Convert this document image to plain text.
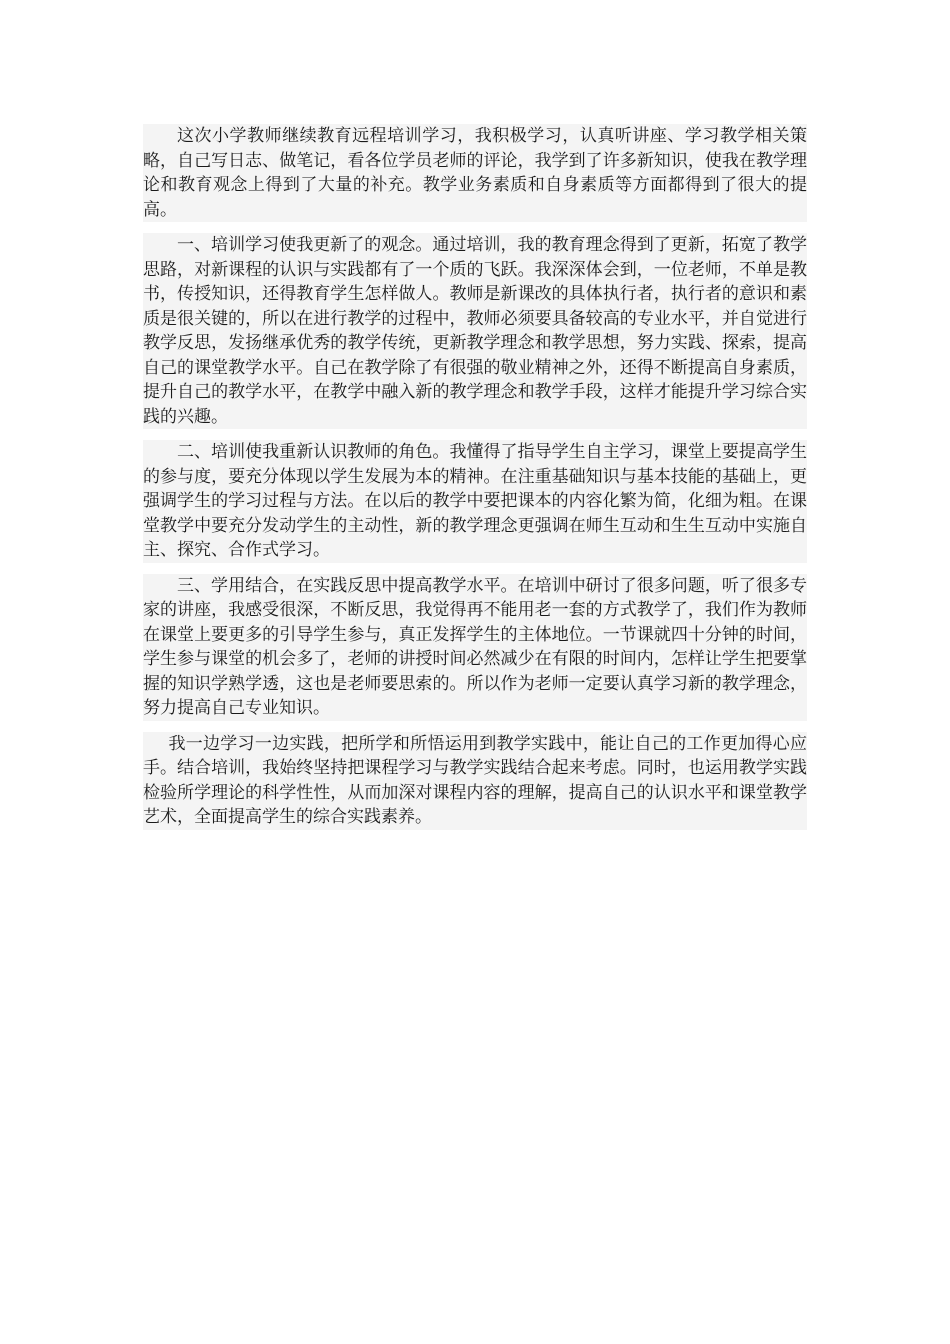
这次小学教师继续教育远程培训学习，我积极学习，认真听讲座、学习教学相关策略，自己写日志、做笔记，看各位学员老师的评论，我学到了许多新知识，使我在教学理论和教育观念上得到了大量的补充。教学业务素质和自身素质等方面都得到了很大的提高。

一、培训学习使我更新了的观念。通过培训，我的教育理念得到了更新，拓宽了教学思路，对新课程的认识与实践都有了一个质的飞跃。我深深体会到，一位老师，不单是教书，传授知识，还得教育学生怎样做人。教师是新课改的具体执行者，执行者的意识和素质是很关键的，所以在进行教学的过程中，教师必须要具备较高的专业水平，并自觉进行教学反思，发扬继承优秀的教学传统，更新教学理念和教学思想，努力实践、探索，提高自己的课堂教学水平。自己在教学除了有很强的敬业精神之外，还得不断提高自身素质，提升自己的教学水平，在教学中融入新的教学理念和教学手段，这样才能提升学习综合实践的兴趣。

二、培训使我重新认识教师的角色。我懂得了指导学生自主学习，课堂上要提高学生的参与度，要充分体现以学生发展为本的精神。在注重基础知识与基本技能的基础上，更强调学生的学习过程与方法。在以后的教学中要把课本的内容化繁为简，化细为粗。在课堂教学中要充分发动学生的主动性，新的教学理念更强调在师生互动和生生互动中实施自主、探究、合作式学习。

三、学用结合，在实践反思中提高教学水平。在培训中研讨了很多问题，听了很多专家的讲座，我感受很深，不断反思，我觉得再不能用老一套的方式教学了，我们作为教师在课堂上要更多的引导学生参与，真正发挥学生的主体地位。一节课就四十分钟的时间，学生参与课堂的机会多了，老师的讲授时间必然减少在有限的时间内，怎样让学生把要掌握的知识学熟学透，这也是老师要思索的。所以作为老师一定要认真学习新的教学理念，努力提高自己专业知识。

我一边学习一边实践，把所学和所悟运用到教学实践中，能让自己的工作更加得心应手。结合培训，我始终坚持把课程学习与教学实践结合起来考虑。同时，也运用教学实践检验所学理论的科学性性，从而加深对课程内容的理解，提高自己的认识水平和课堂教学艺术，全面提高学生的综合实践素养。
